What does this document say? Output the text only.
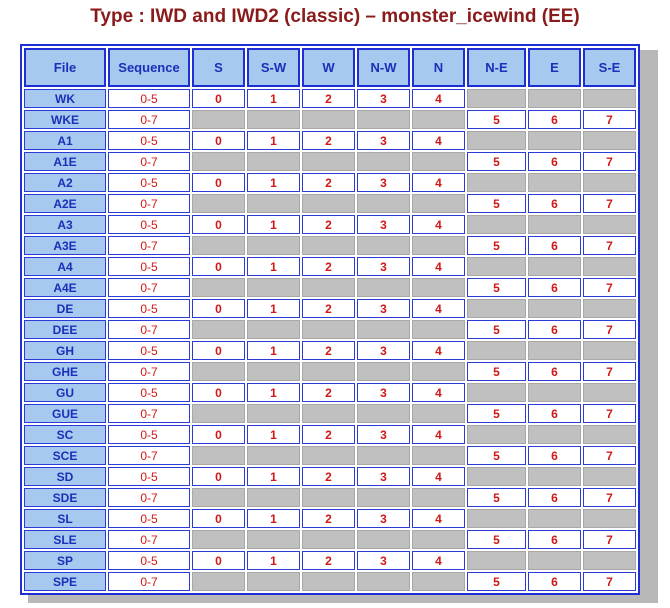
Type : IWD and IWD2 (classic) – monster_icewind (EE)
File	Sequence	S	S-W	W	N-W	N	N-E	E	S-E
WK	0-5	0	1	2	3	4			
WKE	0-7						5	6	7
A1	0-5	0	1	2	3	4			
A1E	0-7						5	6	7
A2	0-5	0	1	2	3	4			
A2E	0-7						5	6	7
A3	0-5	0	1	2	3	4			
A3E	0-7						5	6	7
A4	0-5	0	1	2	3	4			
A4E	0-7						5	6	7
DE	0-5	0	1	2	3	4			
DEE	0-7						5	6	7
GH	0-5	0	1	2	3	4			
GHE	0-7						5	6	7
GU	0-5	0	1	2	3	4			
GUE	0-7						5	6	7
SC	0-5	0	1	2	3	4			
SCE	0-7						5	6	7
SD	0-5	0	1	2	3	4			
SDE	0-7						5	6	7
SL	0-5	0	1	2	3	4			
SLE	0-7						5	6	7
SP	0-5	0	1	2	3	4			
SPE	0-7						5	6	7
